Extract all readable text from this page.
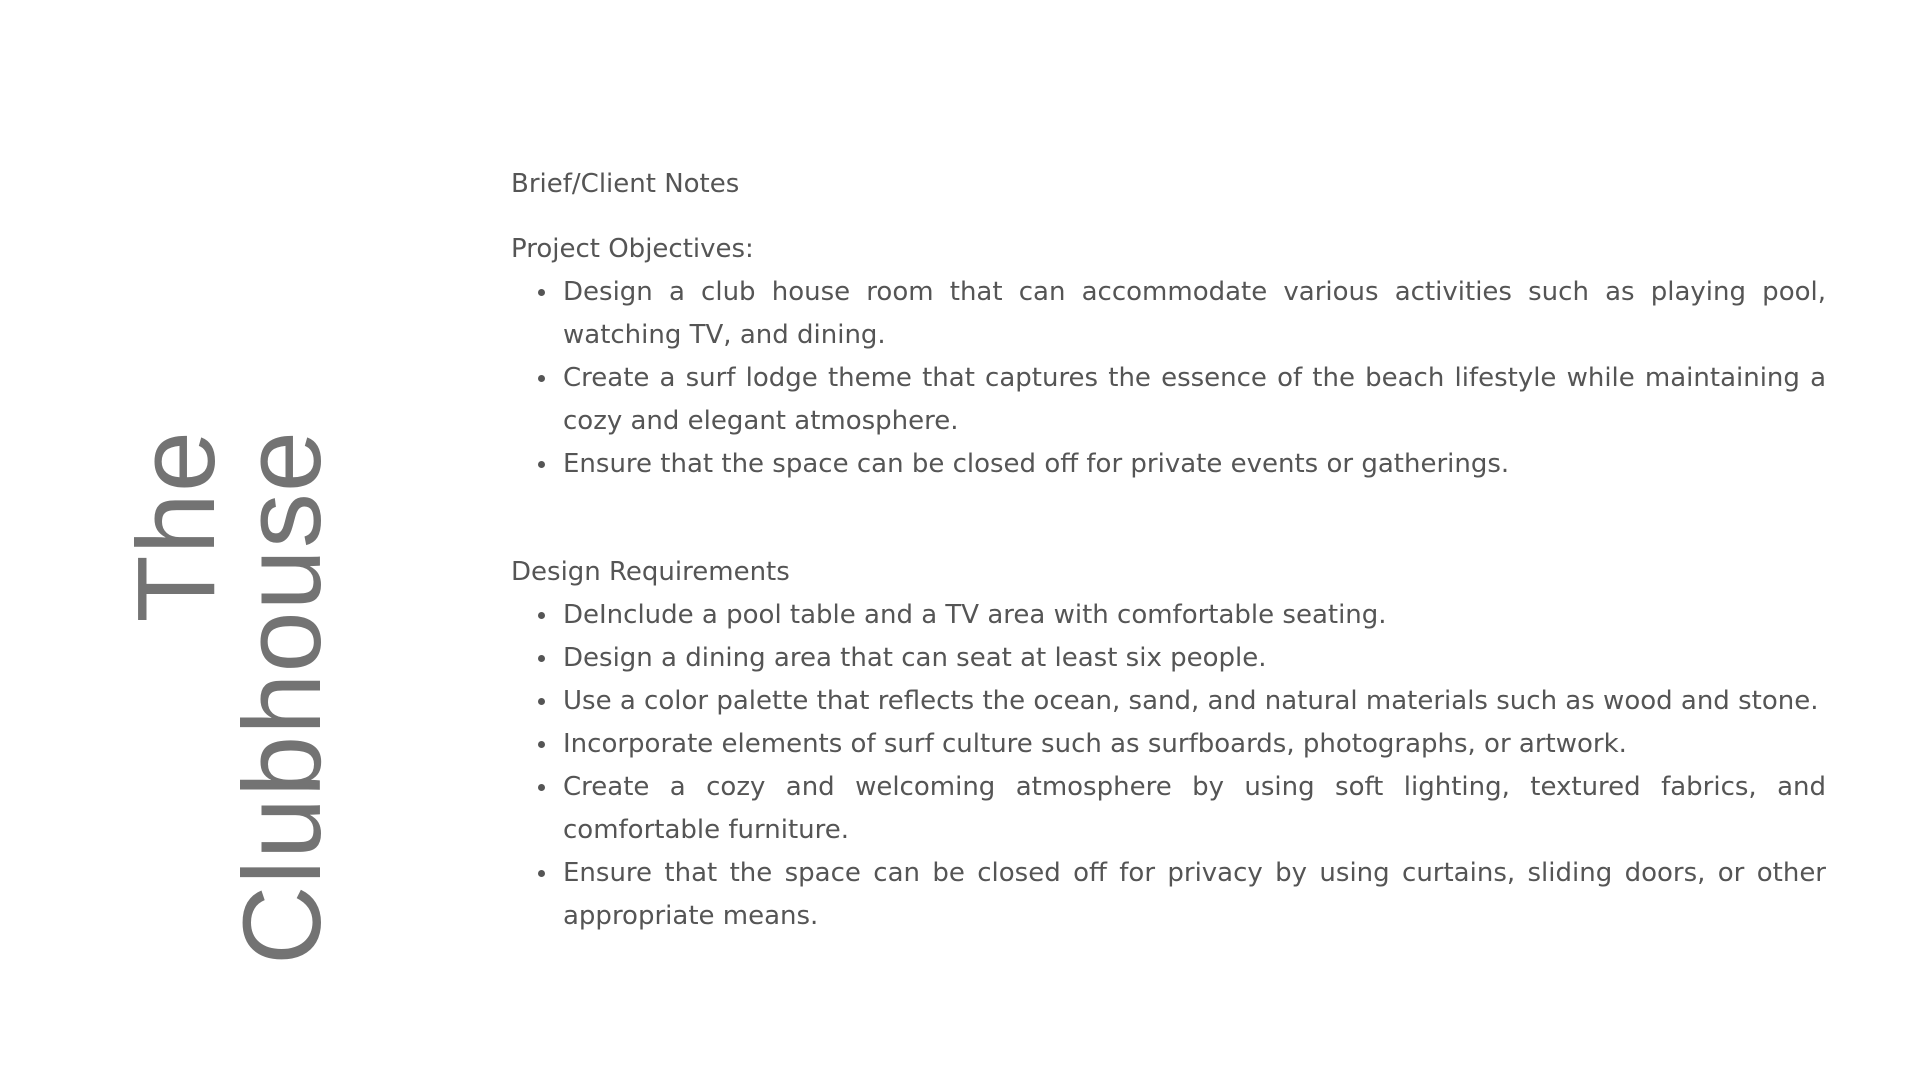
The
Clubhouse

Brief/Client Notes

Project Objectives:

Design a club house room that can accommodate various activities such as playing pool, watching TV, and dining.
Create a surf lodge theme that captures the essence of the beach lifestyle while maintaining a cozy and elegant atmosphere.
Ensure that the space can be closed off for private events or gatherings.

Design Requirements

DeInclude a pool table and a TV area with comfortable seating.
Design a dining area that can seat at least six people.
Use a color palette that reflects the ocean, sand, and natural materials such as wood and stone.
Incorporate elements of surf culture such as surfboards, photographs, or artwork.
Create a cozy and welcoming atmosphere by using soft lighting, textured fabrics, and comfortable furniture.
Ensure that the space can be closed off for privacy by using curtains, sliding doors, or other appropriate means.
